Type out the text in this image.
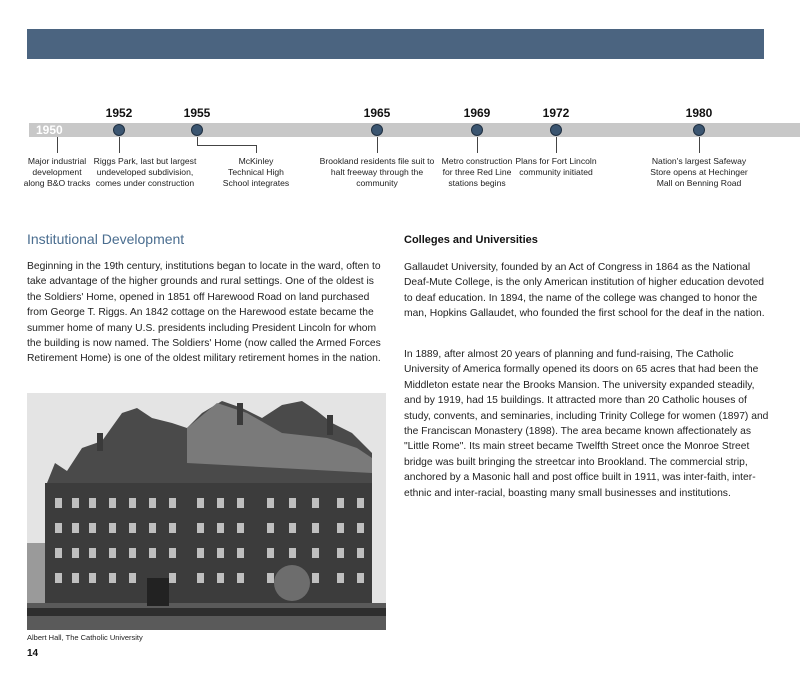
1950
Major industrial
development
along B&O tracks
1952
Riggs Park, last but largest
undeveloped subdivision,
comes under construction
1955
McKinley
Technical High
School integrates
1965
Brookland residents file suit to
halt freeway through the
community
1969
Metro construction
for three Red Line
stations begins
1972
Plans for Fort Lincoln
community initiated
1980
Nation's largest Safeway
Store opens at Hechinger
Mall on Benning Road
Institutional Development

Beginning in the 19th century, institutions began to locate in the ward, often to take advantage of the higher grounds and rural settings. One of the oldest is the Soldiers' Home, opened in 1851 off Harewood Road on land purchased from George T. Riggs. An 1842 cottage on the Harewood estate became the summer home of many U.S. presidents including President Lincoln for whom the building is now named. The Soldiers' Home (now called the Armed Forces Retirement Home) is one of the oldest military retirement homes in the nation.

Albert Hall, The Catholic University
14
Colleges and Universities

Gallaudet University, founded by an Act of Congress in 1864 as the National Deaf-Mute College, is the only American institution of higher education devoted to deaf education. In 1894, the name of the college was changed to honor the man, Hopkins Gallaudet, who founded the first school for the deaf in the nation.

In 1889, after almost 20 years of planning and fund-raising, The Catholic University of America formally opened its doors on 65 acres that had been the Middleton estate near the Brooks Mansion. The university expanded steadily, and by 1919, had 15 buildings. It attracted more than 20 Catholic houses of study, convents, and seminaries, including Trinity College for women (1897) and the Franciscan Monastery (1898). The area became known affectionately as "Little Rome". Its main street became Twelfth Street once the Monroe Street bridge was built bringing the streetcar into Brookland. The commercial strip, anchored by a Masonic hall and post office built in 1911, was inter-faith, inter-ethnic and inter-racial, boasting many small businesses and institutions.
